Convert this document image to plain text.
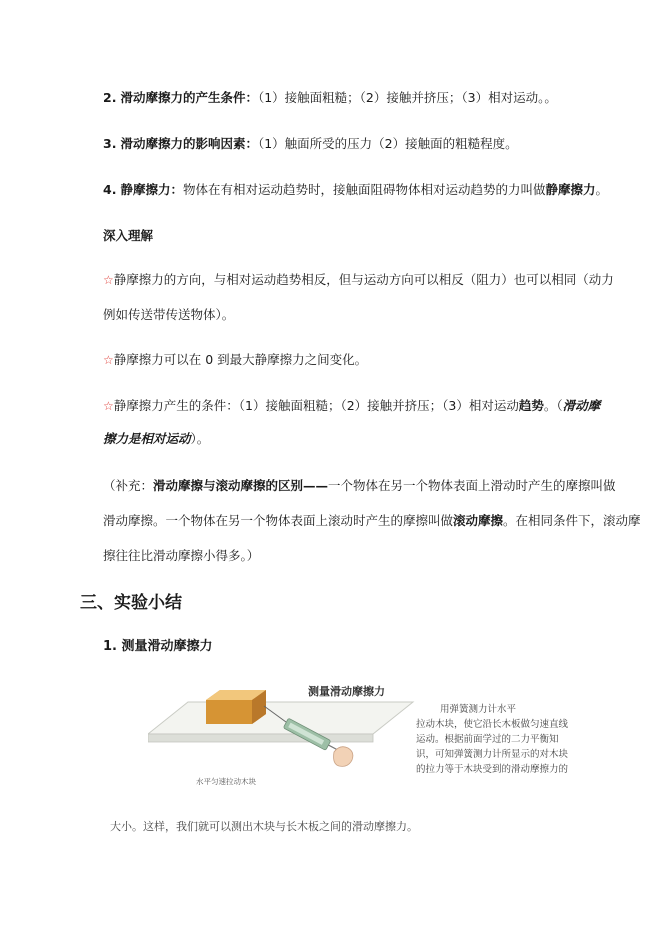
2. 滑动摩擦力的产生条件：（1）接触面粗糙；（2）接触并挤压；（3）相对运动。。
3. 滑动摩擦力的影响因素：（1）触面所受的压力（2）接触面的粗糙程度。
4. 静摩擦力：物体在有相对运动趋势时，接触面阻碍物体相对运动趋势的力叫做静摩擦力。
深入理解
☆静摩擦力的方向，与相对运动趋势相反，但与运动方向可以相反（阻力）也可以相同（动力
例如传送带传送物体）。
☆静摩擦力可以在 0 到最大静摩擦力之间变化。
☆静摩擦力产生的条件：（1）接触面粗糙；（2）接触并挤压；（3）相对运动趋势。（滑动摩
擦力是相对运动）。
（补充：滑动摩擦与滚动摩擦的区别——一个物体在另一个物体表面上滑动时产生的摩擦叫做
滑动摩擦。一个物体在另一个物体表面上滚动时产生的摩擦叫做滚动摩擦。在相同条件下，滚动摩
擦往往比滑动摩擦小得多。）
三、实验小结
1. 测量滑动摩擦力
测量滑动摩擦力
用弹簧测力计水平
拉动木块，使它沿长木板做匀速直线
运动。根据前面学过的二力平衡知
识，可知弹簧测力计所显示的对木块
的拉力等于木块受到的滑动摩擦力的
水平匀速拉动木块
大小。这样，我们就可以测出木块与长木板之间的滑动摩擦力。
